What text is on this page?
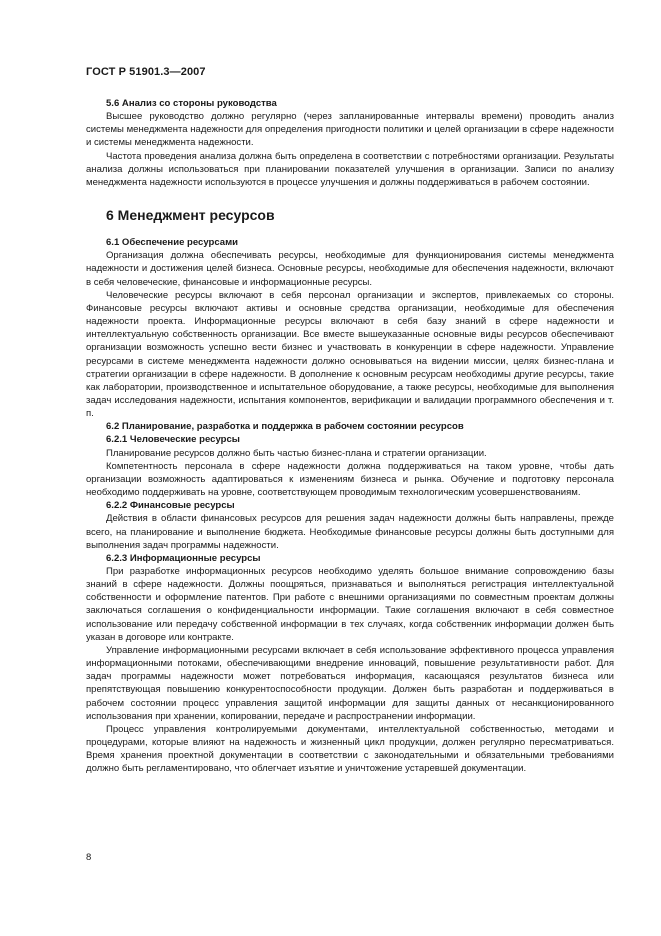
ГОСТ Р 51901.3—2007
5.6 Анализ со стороны руководства

Высшее руководство должно регулярно (через запланированные интервалы времени) проводить анализ системы менеджмента надежности для определения пригодности политики и целей организации в сфере надежности и системы менеджмента надежности.

Частота проведения анализа должна быть определена в соответствии с потребностями организации. Результаты анализа должны использоваться при планировании показателей улучшения в организации. Записи по анализу менеджмента надежности используются в процессе улучшения и должны поддерживаться в рабочем состоянии.

6 Менеджмент ресурсов
6.1 Обеспечение ресурсами

Организация должна обеспечивать ресурсы, необходимые для функционирования системы менеджмента надежности и достижения целей бизнеса. Основные ресурсы, необходимые для обеспечения надежности, включают в себя человеческие, финансовые и информационные ресурсы.

Человеческие ресурсы включают в себя персонал организации и экспертов, привлекаемых со стороны. Финансовые ресурсы включают активы и основные средства организации, необходимые для обеспечения надежности проекта. Информационные ресурсы включают в себя базу знаний в сфере надежности и интеллектуальную собственность организации. Все вместе вышеуказанные основные виды ресурсов обеспечивают организации возможность успешно вести бизнес и участвовать в конкуренции в сфере надежности. Управление ресурсами в системе менеджмента надежности должно основываться на видении миссии, целях бизнес-плана и стратегии организации в сфере надежности. В дополнение к основным ресурсам необходимы другие ресурсы, такие как лаборатории, производственное и испытательное оборудование, а также ресурсы, необходимые для выполнения задач исследования надежности, испытания компонентов, верификации и валидации программного обеспечения и т. п.

6.2 Планирование, разработка и поддержка в рабочем состоянии ресурсов
6.2.1 Человеческие ресурсы

Планирование ресурсов должно быть частью бизнес-плана и стратегии организации.

Компетентность персонала в сфере надежности должна поддерживаться на таком уровне, чтобы дать организации возможность адаптироваться к изменениям бизнеса и рынка. Обучение и подготовку персонала необходимо поддерживать на уровне, соответствующем проводимым технологическим усовершенствованиям.

6.2.2 Финансовые ресурсы

Действия в области финансовых ресурсов для решения задач надежности должны быть направлены, прежде всего, на планирование и выполнение бюджета. Необходимые финансовые ресурсы должны быть доступными для выполнения задач программы надежности.

6.2.3 Информационные ресурсы

При разработке информационных ресурсов необходимо уделять большое внимание сопровождению базы знаний в сфере надежности. Должны поощряться, признаваться и выполняться регистрация интеллектуальной собственности и оформление патентов. При работе с внешними организациями по совместным проектам должны заключаться соглашения о конфиденциальности информации. Такие соглашения включают в себя совместное использование или передачу собственной информации в тех случаях, когда собственник информации должен быть указан в договоре или контракте.

Управление информационными ресурсами включает в себя использование эффективного процесса управления информационными потоками, обеспечивающими внедрение инноваций, повышение результативности работ. Для задач программы надежности может потребоваться информация, касающаяся результатов бизнеса или препятствующая повышению конкурентоспособности продукции. Должен быть разработан и поддерживаться в рабочем состоянии процесс управления защитой информации для защиты данных от несанкционированного использования при хранении, копировании, передаче и распространении информации.

Процесс управления контролируемыми документами, интеллектуальной собственностью, методами и процедурами, которые влияют на надежность и жизненный цикл продукции, должен регулярно пересматриваться. Время хранения проектной документации в соответствии с законодательными и обязательными требованиями должно быть регламентировано, что облегчает изъятие и уничтожение устаревшей документации.

8
